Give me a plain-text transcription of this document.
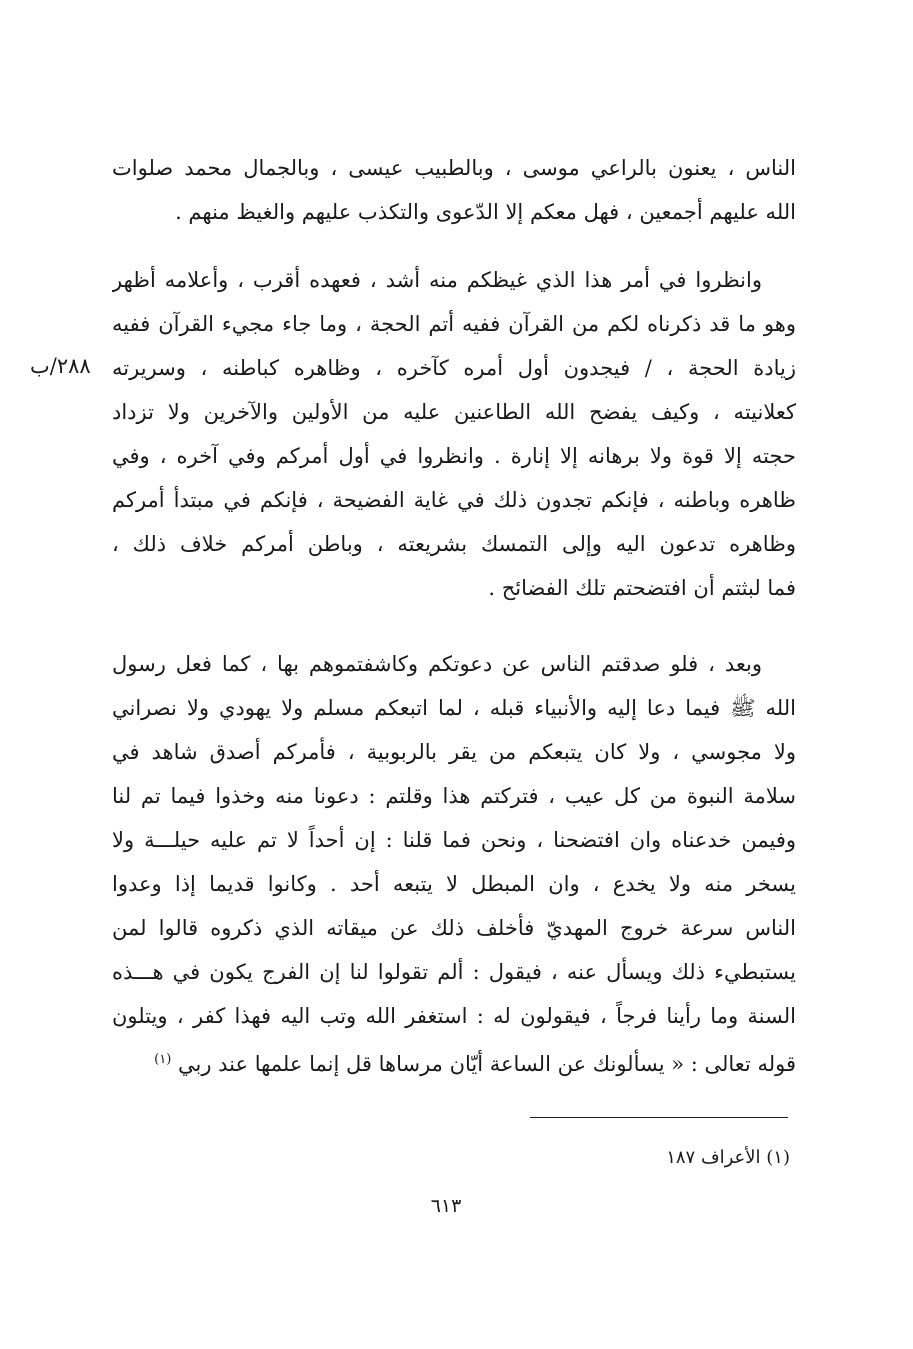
الناس ، يعنون بالراعي موسى ، وبالطبيب عيسى ، وبالجمال محمد صلوات
الله عليهم أجمعين ، فهل معكم إلا الدّعوى والتكذب عليهم والغيظ منهم .
وانظروا في أمر هذا الذي غيظكم منه أشد ، فعهده أقرب ، وأعلامه أظهر
وهو ما قد ذكرناه لكم من القرآن ففيه أتم الحجة ، وما جاء مجيء القرآن ففيه
زيادة الحجة ، / فيجدون أول أمره كآخره ، وظاهره كباطنه ، وسريرته
كعلانيته ، وكيف يفضح الله الطاعنين عليه من الأولين والآخرين ولا تزداد
حجته إلا قوة ولا برهانه إلا إنارة . وانظروا في أول أمركم وفي آخره ، وفي
ظاهره وباطنه ، فإنكم تجدون ذلك في غاية الفضيحة ، فإنكم في مبتدأ أمركم
وظاهره تدعون اليه وإلى التمسك بشريعته ، وباطن أمركم خلاف ذلك ،
فما لبثتم أن افتضحتم تلك الفضائح .
٢٨٨/ب
وبعد ، فلو صدقتم الناس عن دعوتكم وكاشفتموهم بها ، كما فعل رسول
الله ﷺ فيما دعا إليه والأنبياء قبله ، لما اتبعكم مسلم ولا يهودي ولا نصراني
ولا مجوسي ، ولا كان يتبعكم من يقر بالربوبية ، فأمركم أصدق شاهد في
سلامة النبوة من كل عيب ، فتركتم هذا وقلتم : دعونا منه وخذوا فيما تم لنا
وفيمن خدعناه وان افتضحنا ، ونحن فما قلنا : إن أحداً لا تم عليه حيلـــة ولا
يسخر منه ولا يخدع ، وان المبطل لا يتبعه أحد . وكانوا قديما إذا وعدوا
الناس سرعة خروج المهديّ فأخلف ذلك عن ميقاته الذي ذكروه قالوا لمن
يستبطيء ذلك ويسأل عنه ، فيقول : ألم تقولوا لنا إن الفرج يكون في هـــذه
السنة وما رأينا فرجاً ، فيقولون له : استغفر الله وتب اليه فهذا كفر ، ويتلون
قوله تعالى : « يسألونك عن الساعة أيّان مرساها قل إنما علمها عند ربي $^{(١)}$
(١) الأعراف ١٨٧
٦١٣
